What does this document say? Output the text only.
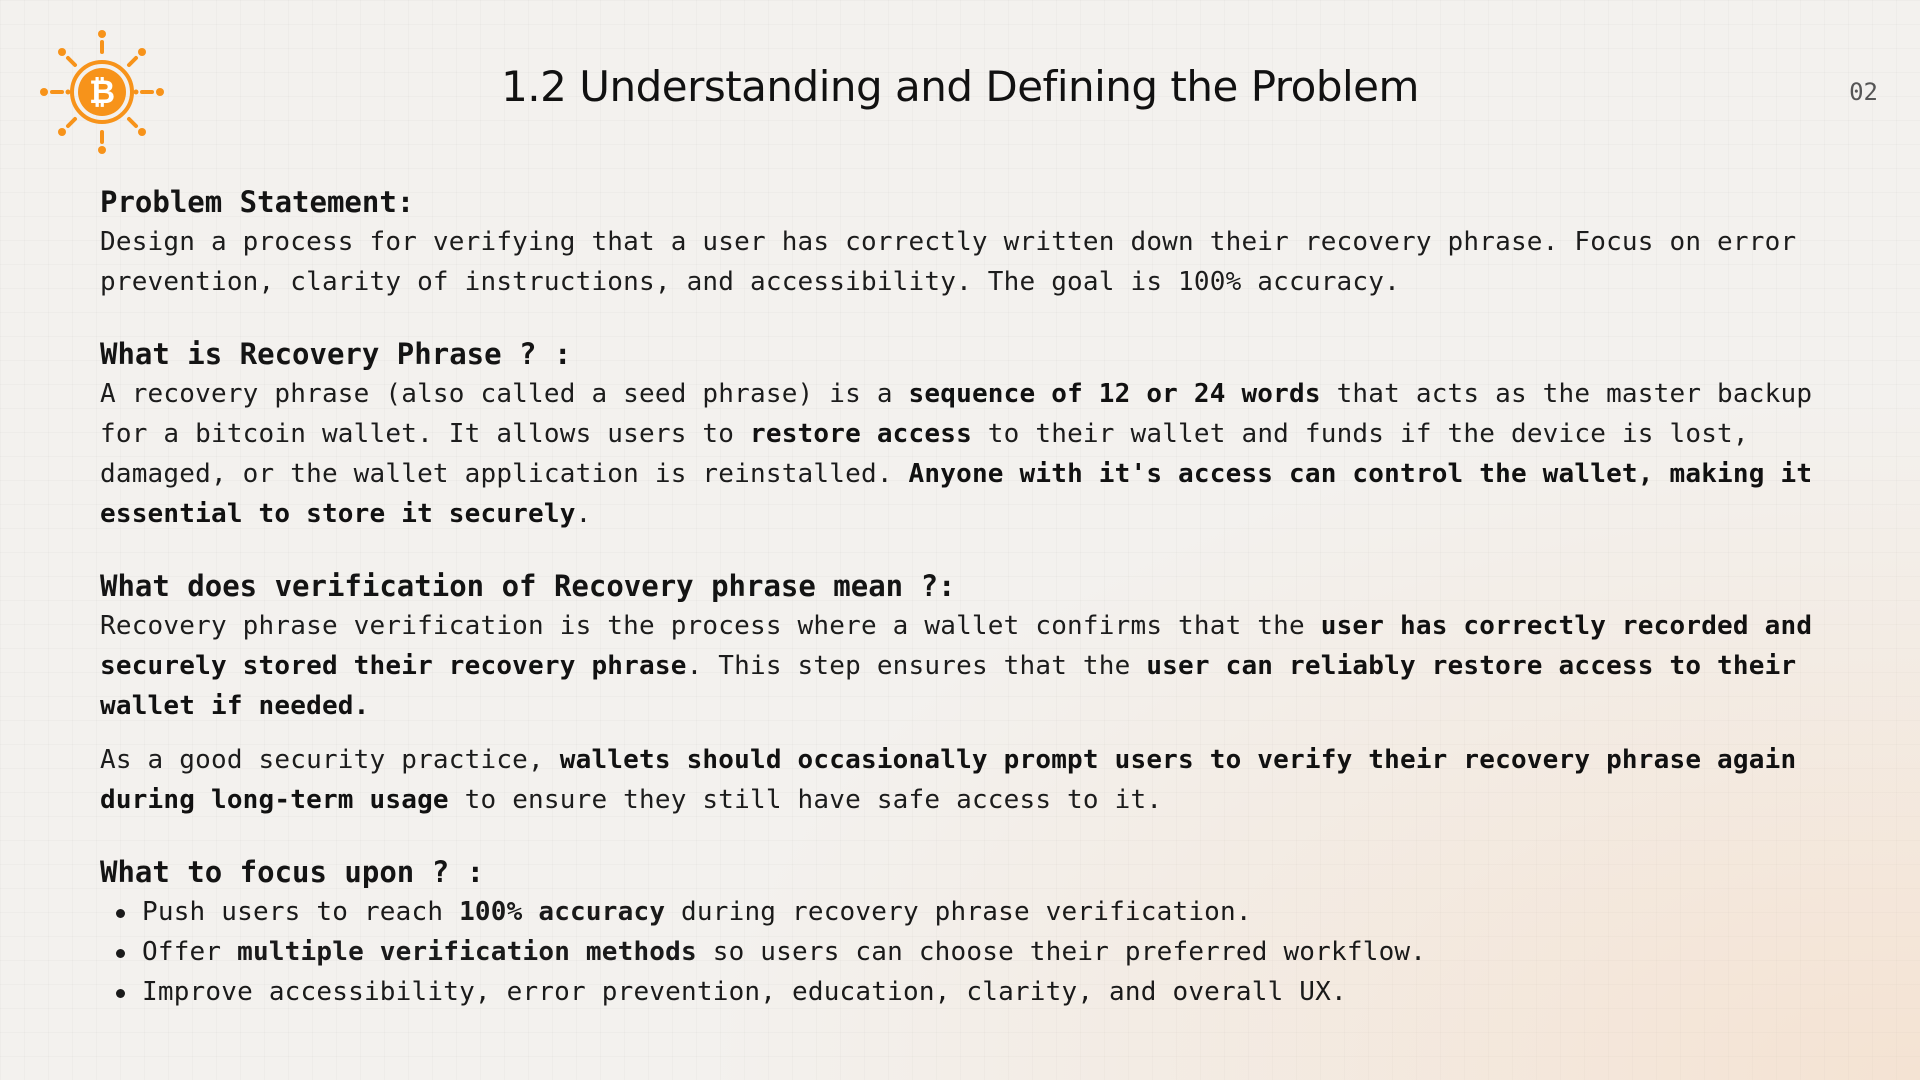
₿	1.2 Understanding and Defining the Problem	02
Problem Statement:

Design a process for verifying that a user has correctly written down their recovery phrase. Focus on error prevention, clarity of instructions, and accessibility. The goal is 100% accuracy.

What is Recovery Phrase ? :

A recovery phrase (also called a seed phrase) is a sequence of 12 or 24 words that acts as the master backup for a bitcoin wallet. It allows users to restore access to their wallet and funds if the device is lost, damaged, or the wallet application is reinstalled. Anyone with it's access can control the wallet, making it essential to store it securely.

What does verification of Recovery phrase mean ?:

Recovery phrase verification is the process where a wallet confirms that the user has correctly recorded and securely stored their recovery phrase. This step ensures that the user can reliably restore access to their wallet if needed.

As a good security practice, wallets should occasionally prompt users to verify their recovery phrase again during long-term usage to ensure they still have safe access to it.

What to focus upon ? :
Push users to reach 100% accuracy during recovery phrase verification.
Offer multiple verification methods so users can choose their preferred workflow.
Improve accessibility, error prevention, education, clarity, and overall UX.
